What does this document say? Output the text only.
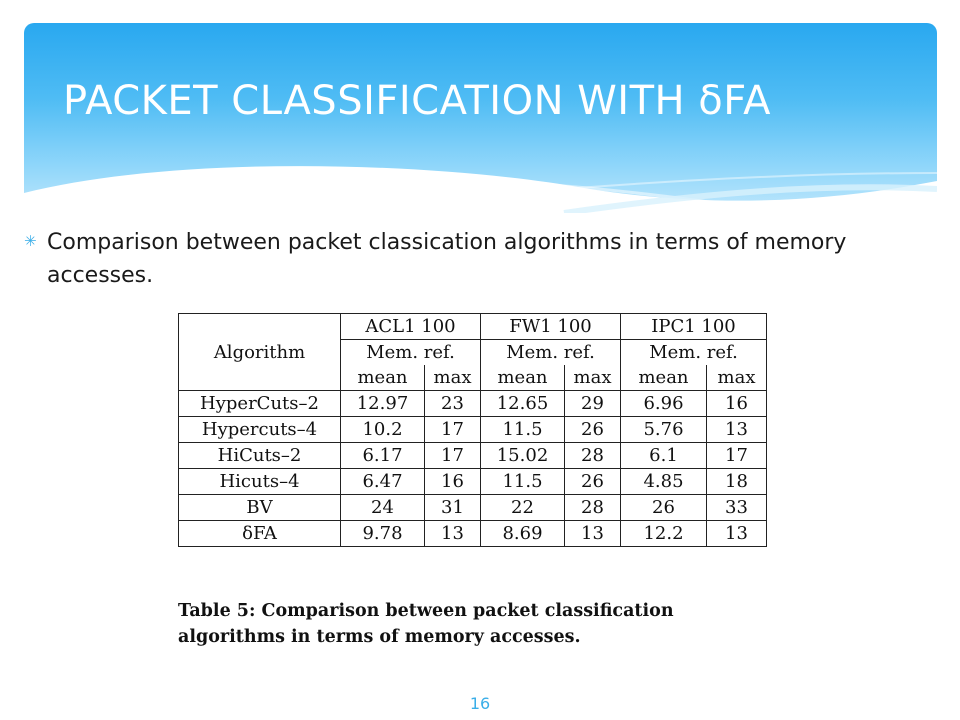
PACKET CLASSIFICATION WITH δFA
✳ Comparison between packet classication algorithms in terms of memory accesses.
Algorithm	ACL1 100		FW1 100		IPC1 100	
	Mem. ref.		Mem. ref.		Mem. ref.	
	mean	max	mean	max	mean	max
HyperCuts–2	12.97	23	12.65	29	6.96	16
Hypercuts–4	10.2	17	11.5	26	5.76	13
HiCuts–2	6.17	17	15.02	28	6.1	17
Hicuts–4	6.47	16	11.5	26	4.85	18
BV	24	31	22	28	26	33
δFA	9.78	13	8.69	13	12.2	13
Table 5: Comparison between packet classification
algorithms in terms of memory accesses.
16
